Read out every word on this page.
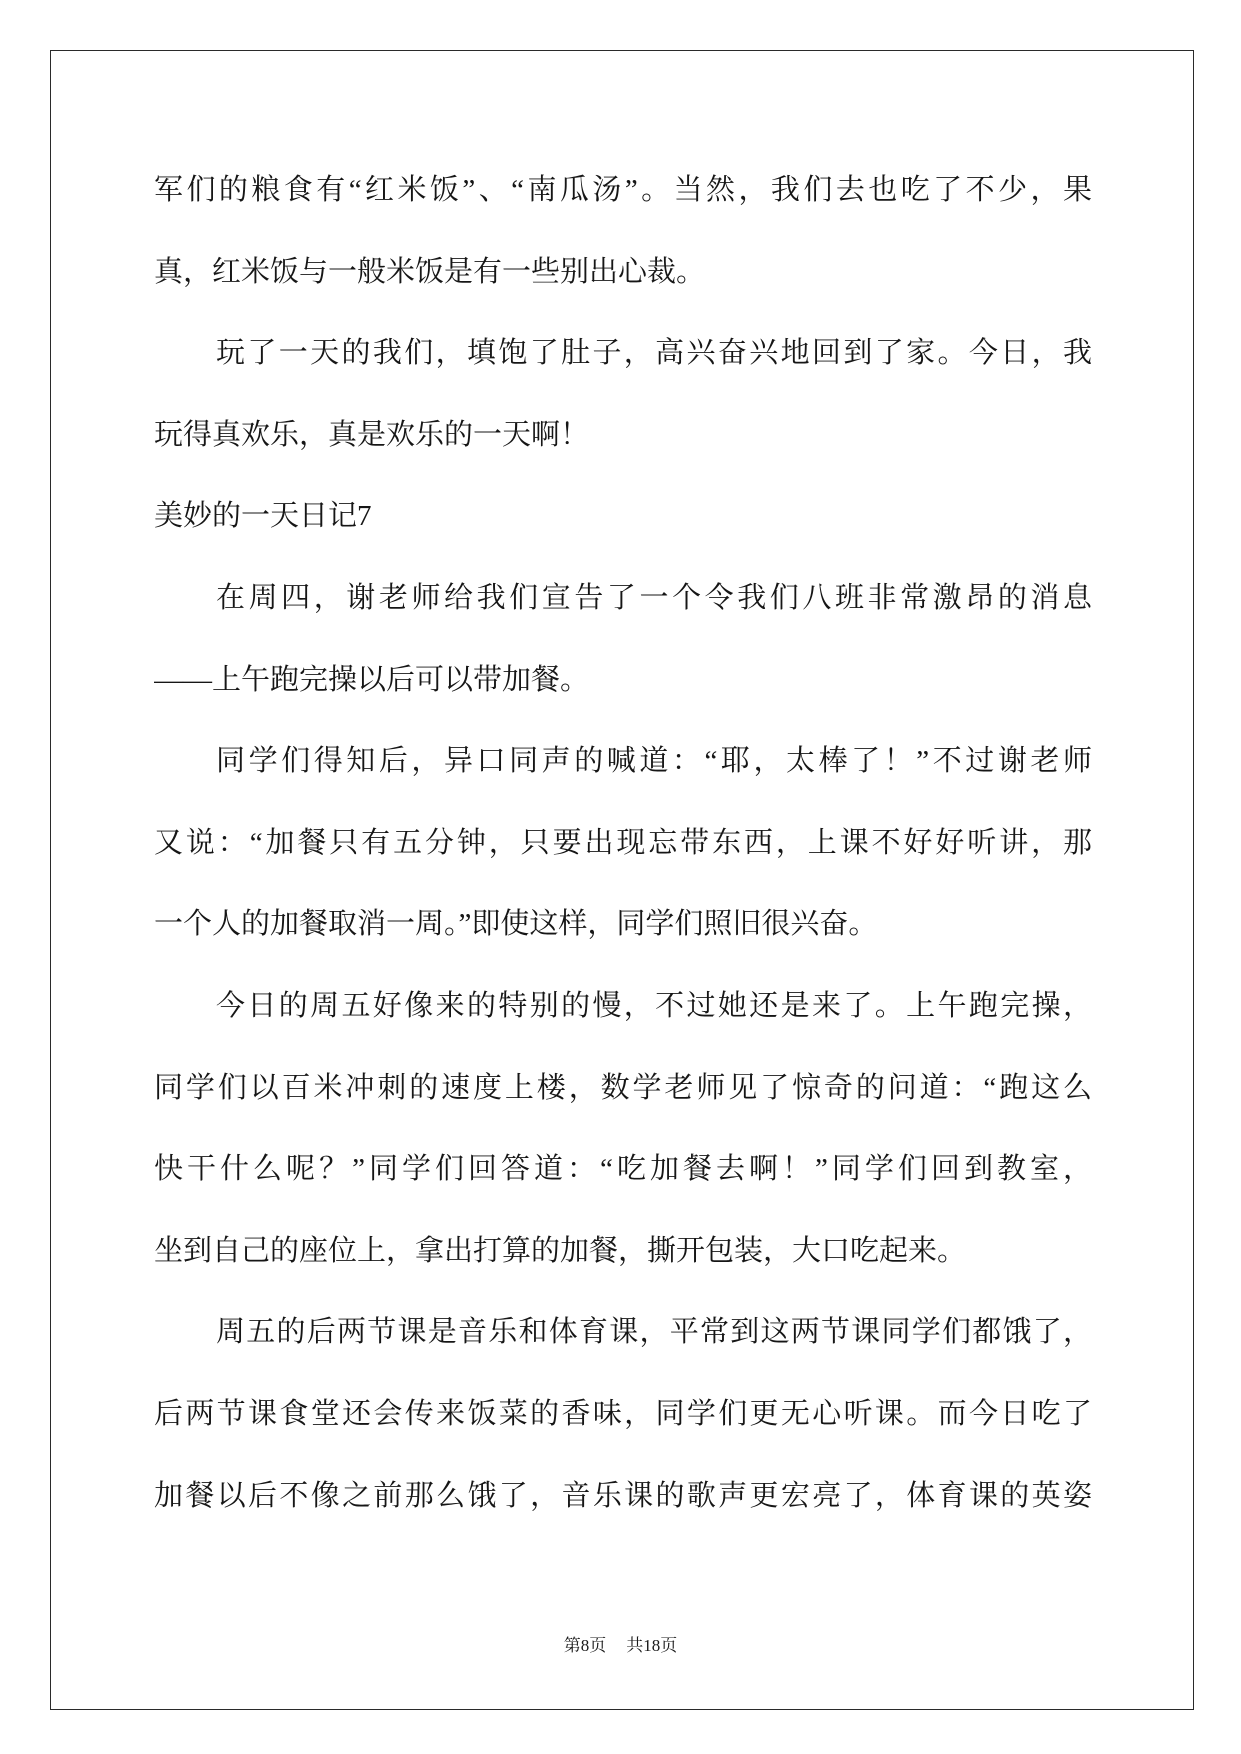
军们的粮食有“红米饭”、“南瓜汤”。当然，我们去也吃了不少，果
真，红米饭与一般米饭是有一些别出心裁。
玩了一天的我们，填饱了肚子，高兴奋兴地回到了家。今日，我
玩得真欢乐，真是欢乐的一天啊！
美妙的一天日记7
在周四，谢老师给我们宣告了一个令我们八班非常激昂的消息
——上午跑完操以后可以带加餐。
同学们得知后，异口同声的喊道：“耶，太棒了！”不过谢老师
又说：“加餐只有五分钟，只要出现忘带东西，上课不好好听讲，那
一个人的加餐取消一周。”即使这样，同学们照旧很兴奋。
今日的周五好像来的特别的慢，不过她还是来了。上午跑完操，
同学们以百米冲刺的速度上楼，数学老师见了惊奇的问道：“跑这么
快干什么呢？”同学们回答道：“吃加餐去啊！”同学们回到教室，
坐到自己的座位上，拿出打算的加餐，撕开包装，大口吃起来。
周五的后两节课是音乐和体育课，平常到这两节课同学们都饿了，
后两节课食堂还会传来饭菜的香味，同学们更无心听课。而今日吃了
加餐以后不像之前那么饿了，音乐课的歌声更宏亮了，体育课的英姿
第8页 共18页
